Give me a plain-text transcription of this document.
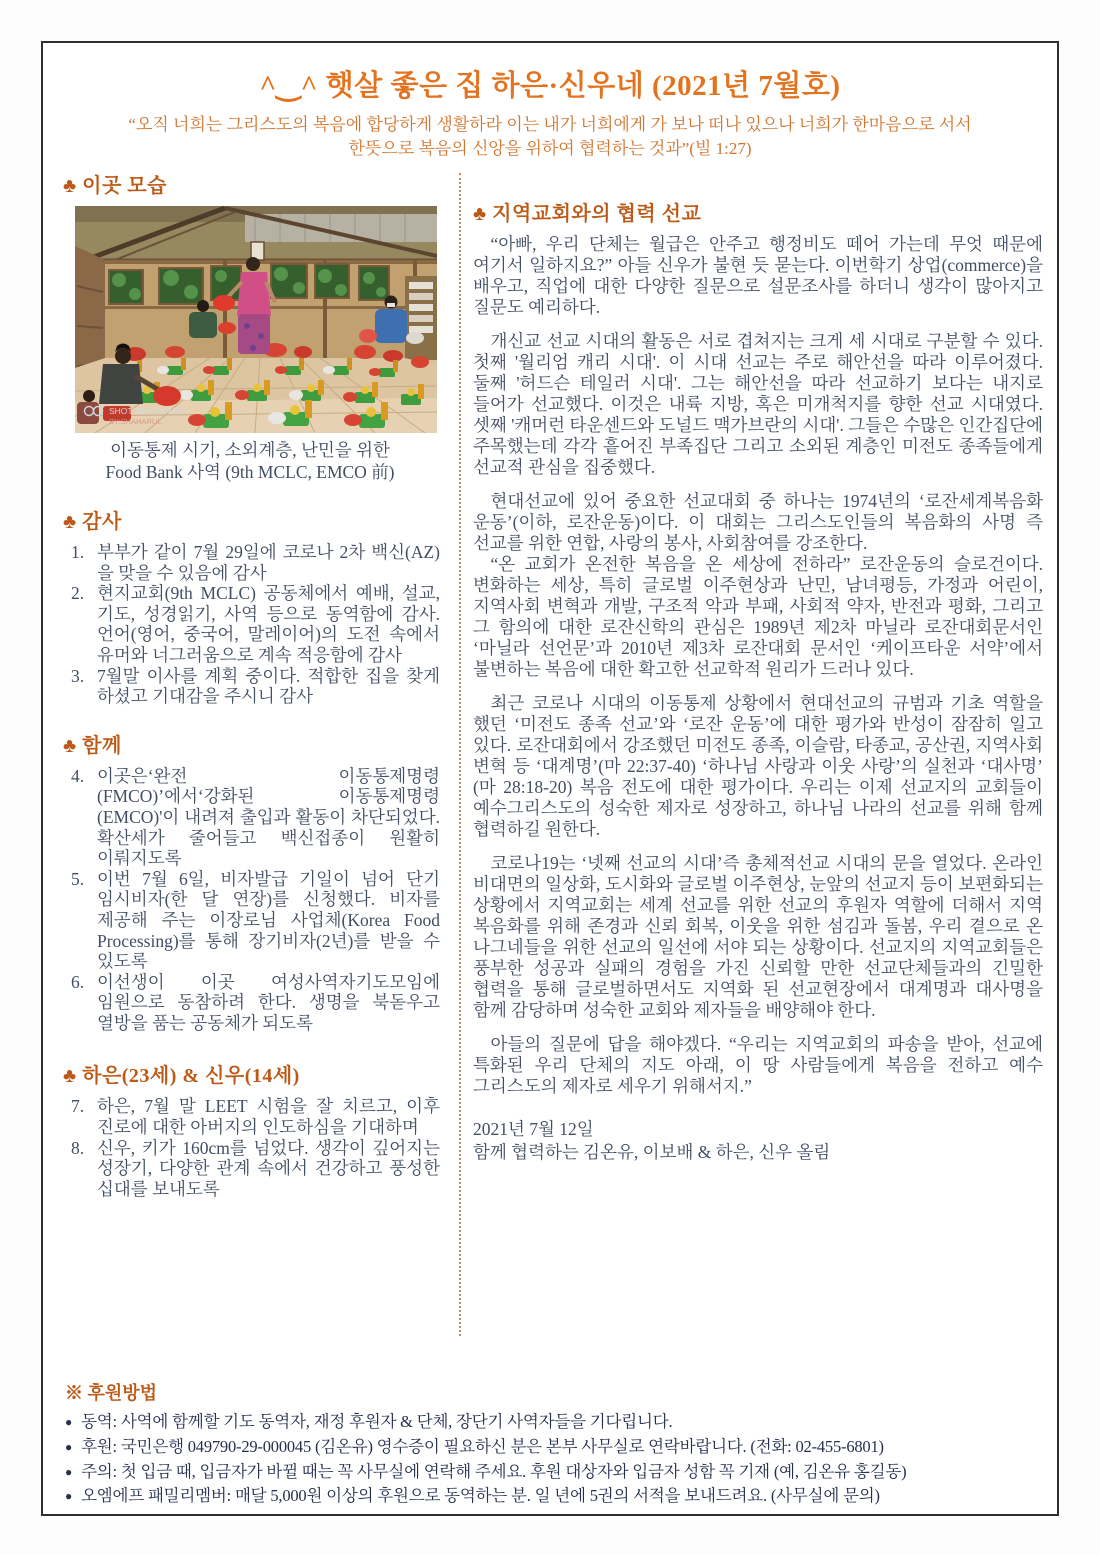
^‿^ 햇살 좋은 집 하은·신우네 (2021년 7월호)
“오직 너희는 그리스도의 복음에 합당하게 생활하라 이는 내가 너희에게 가 보나 떠나 있으나 너희가 한마음으로 서서
한뜻으로 복음의 신앙을 위하여 협력하는 것과”(빌 1:27)
♣ 이곳 모습
SHOT ON REDMI 9
BY:SHAHARUL
이동통제 시기, 소외계층, 난민을 위한
Food Bank 사역 (9th MCLC, EMCO 前)
♣ 감사
1. 부부가 같이 7월 29일에 코로나 2차 백신(AZ)을 맞을 수 있음에 감사
2. 현지교회(9th MCLC) 공동체에서 예배, 설교, 기도, 성경읽기, 사역 등으로 동역함에 감사. 언어(영어, 중국어, 말레이어)의 도전 속에서 유머와 너그러움으로 계속 적응함에 감사
3. 7월말 이사를 계획 중이다. 적합한 집을 찾게 하셨고 기대감을 주시니 감사
♣ 함께
4. 이곳은‘완전 이동통제명령(FMCO)’에서‘강화된 이동통제명령(EMCO)'이 내려져 출입과 활동이 차단되었다. 확산세가 줄어들고 백신접종이 원활히 이뤄지도록
5. 이번 7월 6일, 비자발급 기일이 넘어 단기 임시비자(한 달 연장)를 신청했다. 비자를 제공해 주는 이장로님 사업체(Korea Food Processing)를 통해 장기비자(2년)를 받을 수 있도록
6. 이선생이 이곳 여성사역자기도모임에 임원으로 동참하려 한다. 생명을 북돋우고 열방을 품는 공동체가 되도록
♣ 하은(23세) & 신우(14세)
7. 하은, 7월 말 LEET 시험을 잘 치르고, 이후 진로에 대한 아버지의 인도하심을 기대하며
8. 신우, 키가 160cm를 넘었다. 생각이 깊어지는 성장기, 다양한 관계 속에서 건강하고 풍성한 십대를 보내도록
♣ 지역교회와의 협력 선교

“아빠, 우리 단체는 월급은 안주고 행정비도 떼어 가는데 무엇 때문에 여기서 일하지요?” 아들 신우가 불현 듯 묻는다. 이번학기 상업(commerce)을 배우고, 직업에 대한 다양한 질문으로 설문조사를 하더니 생각이 많아지고 질문도 예리하다.

개신교 선교 시대의 활동은 서로 겹쳐지는 크게 세 시대로 구분할 수 있다. 첫째 '월리엄 캐리 시대'. 이 시대 선교는 주로 해안선을 따라 이루어졌다. 둘째 '허드슨 테일러 시대'. 그는 해안선을 따라 선교하기 보다는 내지로 들어가 선교했다. 이것은 내륙 지방, 혹은 미개척지를 향한 선교 시대였다. 셋째 '캐머런 타운센드와 도널드 맥가브란의 시대'. 그들은 수많은 인간집단에 주목했는데 각각 흩어진 부족집단 그리고 소외된 계층인 미전도 종족들에게 선교적 관심을 집중했다.

현대선교에 있어 중요한 선교대회 중 하나는 1974년의 ‘로잔세계복음화 운동’(이하, 로잔운동)이다. 이 대회는 그리스도인들의 복음화의 사명 즉 선교를 위한 연합, 사랑의 봉사, 사회참여를 강조한다.

“온 교회가 온전한 복음을 온 세상에 전하라” 로잔운동의 슬로건이다. 변화하는 세상, 특히 글로벌 이주현상과 난민, 남녀평등, 가정과 어린이, 지역사회 변혁과 개발, 구조적 악과 부패, 사회적 약자, 반전과 평화, 그리고 그 함의에 대한 로잔신학의 관심은 1989년 제2차 마닐라 로잔대회문서인 ‘마닐라 선언문’과 2010년 제3차 로잔대회 문서인 ‘케이프타운 서약’에서 불변하는 복음에 대한 확고한 선교학적 원리가 드러나 있다.

최근 코로나 시대의 이동통제 상황에서 현대선교의 규범과 기초 역할을 했던 ‘미전도 종족 선교’와 ‘로잔 운동’에 대한 평가와 반성이 잠잠히 일고 있다. 로잔대회에서 강조했던 미전도 종족, 이슬람, 타종교, 공산권, 지역사회 변혁 등 ‘대계명’(마 22:37-40) ‘하나님 사랑과 이웃 사랑’의 실천과 ‘대사명’ (마 28:18-20) 복음 전도에 대한 평가이다. 우리는 이제 선교지의 교회들이 예수그리스도의 성숙한 제자로 성장하고, 하나님 나라의 선교를 위해 함께 협력하길 원한다.

코로나19는 ‘넷째 선교의 시대’즉 총체적선교 시대의 문을 열었다. 온라인 비대면의 일상화, 도시화와 글로벌 이주현상, 눈앞의 선교지 등이 보편화되는 상황에서 지역교회는 세계 선교를 위한 선교의 후원자 역할에 더해서 지역 복음화를 위해 존경과 신뢰 회복, 이웃을 위한 섬김과 돌봄, 우리 곁으로 온 나그네들을 위한 선교의 일선에 서야 되는 상황이다. 선교지의 지역교회들은 풍부한 성공과 실패의 경험을 가진 신뢰할 만한 선교단체들과의 긴밀한 협력을 통해 글로벌하면서도 지역화 된 선교현장에서 대계명과 대사명을 함께 감당하며 성숙한 교회와 제자들을 배양해야 한다.

아들의 질문에 답을 해야겠다. “우리는 지역교회의 파송을 받아, 선교에 특화된 우리 단체의 지도 아래, 이 땅 사람들에게 복음을 전하고 예수 그리스도의 제자로 세우기 위해서지.”

2021년 7월 12일
함께 협력하는 김온유, 이보배 & 하은, 신우 올림
※ 후원방법
● 동역: 사역에 함께할 기도 동역자, 재정 후원자 & 단체, 장단기 사역자들을 기다립니다.
● 후원: 국민은행 049790-29-000045 (김온유) 영수증이 필요하신 분은 본부 사무실로 연락바랍니다. (전화: 02-455-6801)
● 주의: 첫 입금 때, 입금자가 바뀔 때는 꼭 사무실에 연락해 주세요. 후원 대상자와 입금자 성함 꼭 기재 (예, 김온유 홍길동)
● 오엠에프 패밀리멤버: 매달 5,000원 이상의 후원으로 동역하는 분. 일 년에 5권의 서적을 보내드려요. (사무실에 문의)
